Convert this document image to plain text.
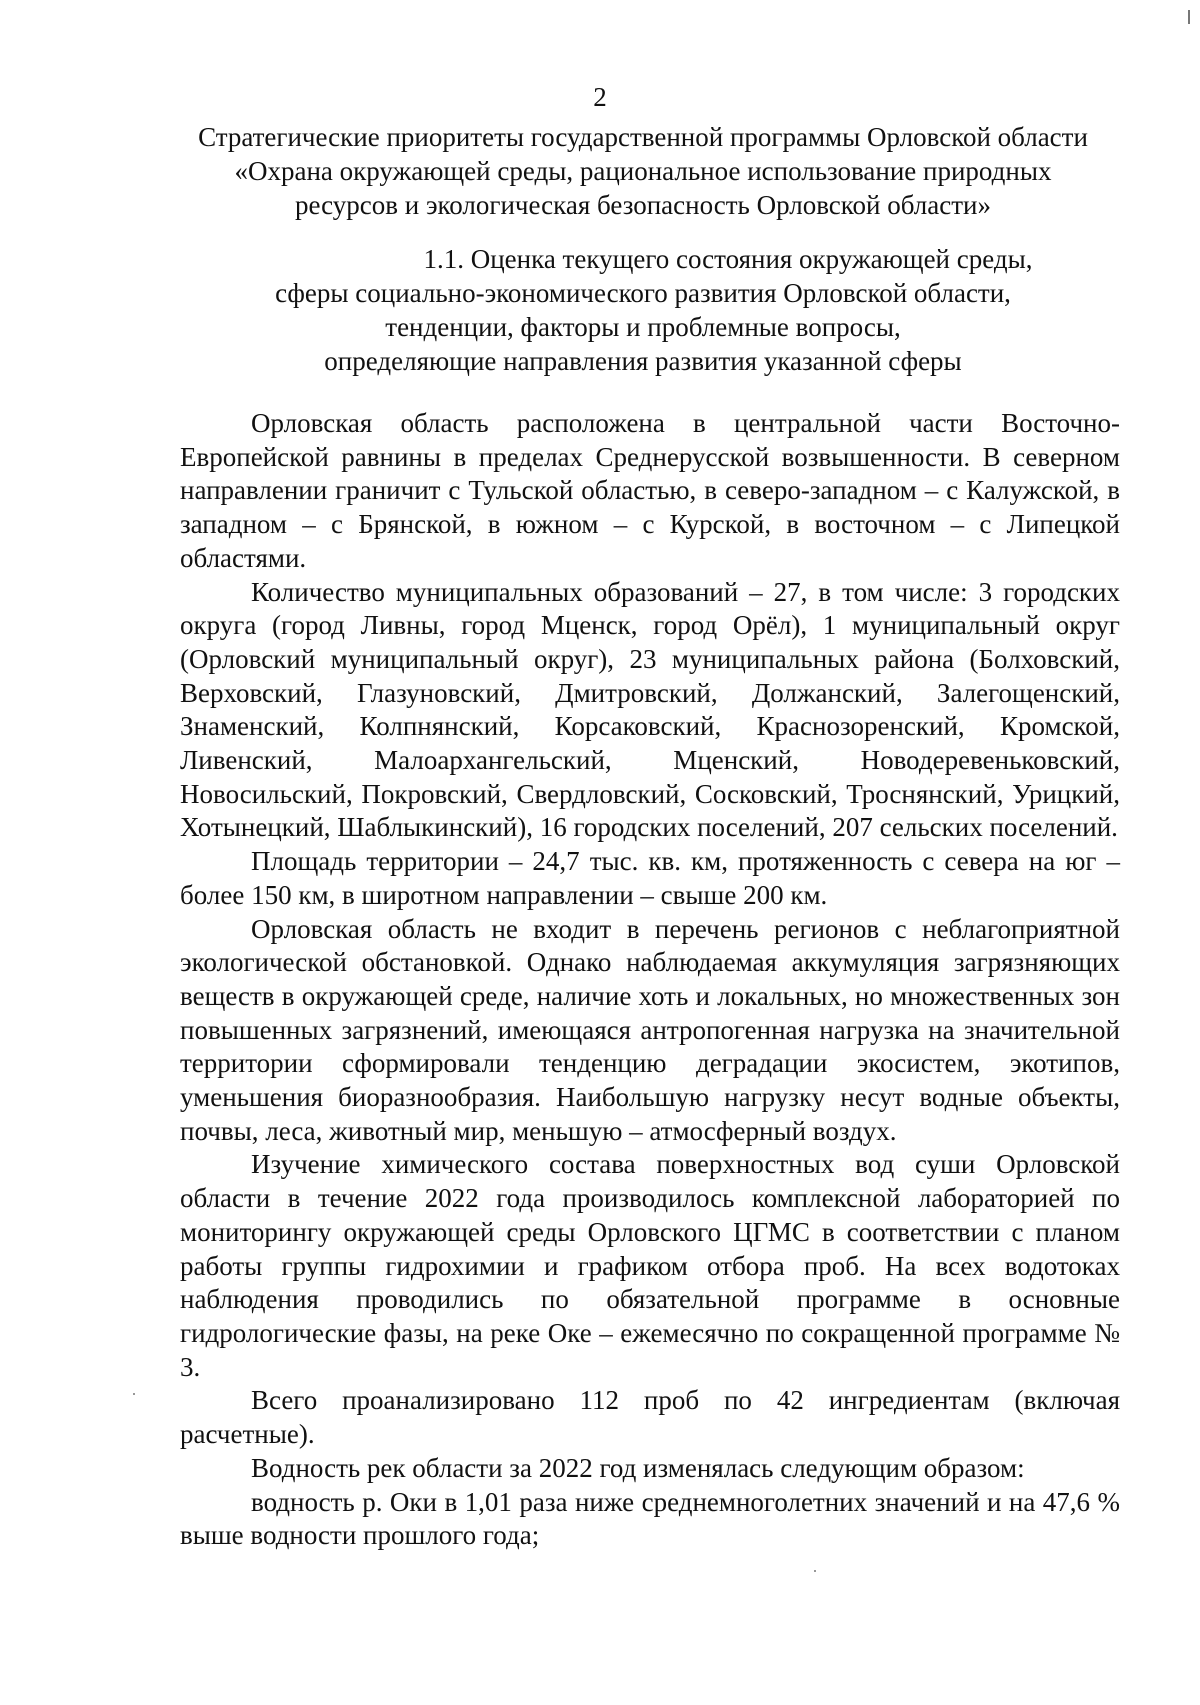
2
Стратегические приоритеты государственной программы Орловской области
«Охрана окружающей среды, рациональное использование природных
ресурсов и экологическая безопасность Орловской области»
1.1. Оценка текущего состояния окружающей среды,
сферы социально-экономического развития Орловской области,
тенденции, факторы и проблемные вопросы,
определяющие направления развития указанной сферы

Орловская область расположена в центральной части Восточно-Европейской равнины в пределах Среднерусской возвышенности. В северном направлении граничит с Тульской областью, в северо-западном – с Калужской, в западном – с Брянской, в южном – с Курской, в восточном – с Липецкой областями.

Количество муниципальных образований – 27, в том числе: 3 городских округа (город Ливны, город Мценск, город Орёл), 1 муниципальный округ (Орловский муниципальный округ), 23 муниципальных района (Болховский, Верховский, Глазуновский, Дмитровский, Должанский, Залегощенский, Знаменский, Колпнянский, Корсаковский, Краснозоренский, Кромской, Ливенский, Малоархангельский, Мценский, Новодеревеньковский, Новосильский, Покровский, Свердловский, Сосковский, Троснянский, Урицкий, Хотынецкий, Шаблыкинский), 16 городских поселений, 207 сельских поселений.

Площадь территории – 24,7 тыс. кв. км, протяженность с севера на юг – более 150 км, в широтном направлении – свыше 200 км.

Орловская область не входит в перечень регионов с неблагоприятной экологической обстановкой. Однако наблюдаемая аккумуляция загрязняющих веществ в окружающей среде, наличие хоть и локальных, но множественных зон повышенных загрязнений, имеющаяся антропогенная нагрузка на значительной территории сформировали тенденцию деградации экосистем, экотипов, уменьшения биоразнообразия. Наибольшую нагрузку несут водные объекты, почвы, леса, животный мир, меньшую – атмосферный воздух.

Изучение химического состава поверхностных вод суши Орловской области в течение 2022 года производилось комплексной лабораторией по мониторингу окружающей среды Орловского ЦГМС в соответствии с планом работы группы гидрохимии и графиком отбора проб. На всех водотоках наблюдения проводились по обязательной программе в основные гидрологические фазы, на реке Оке – ежемесячно по сокращенной программе № 3.

Всего проанализировано 112 проб по 42 ингредиентам (включая расчетные).

Водность рек области за 2022 год изменялась следующим образом:

водность р. Оки в 1,01 раза ниже среднемноголетних значений и на 47,6 % выше водности прошлого года;
